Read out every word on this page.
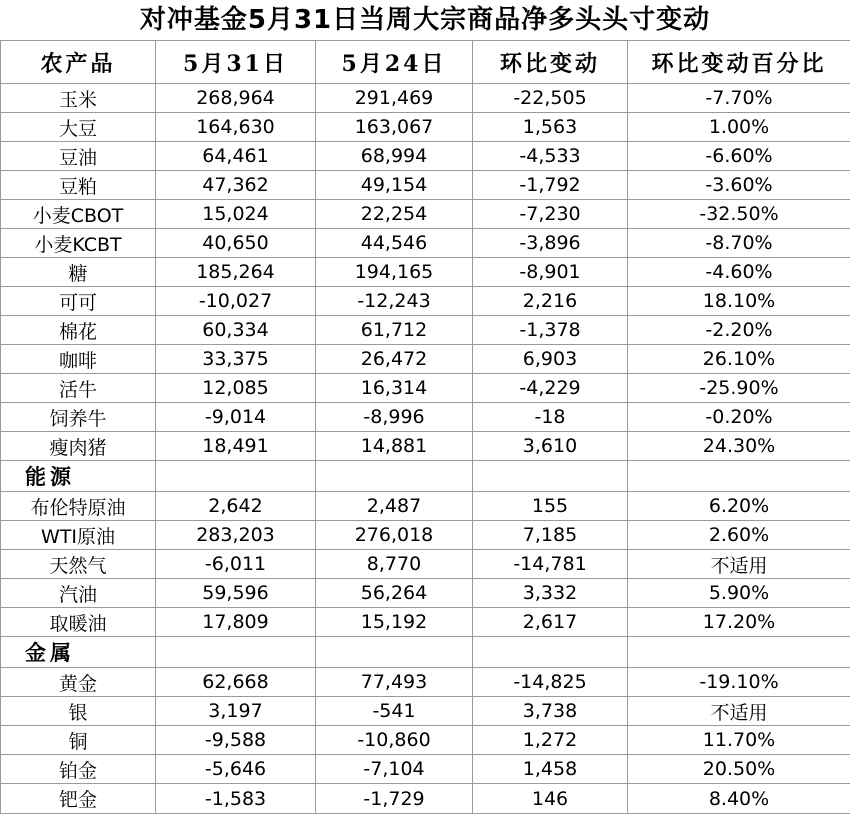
对冲基金5月31日当周大宗商品净多头头寸变动
农产品	5月31日	5月24日	环比变动	环比变动百分比
玉米	268,964	291,469	-22,505	-7.70%
大豆	164,630	163,067	1,563	1.00%
豆油	64,461	68,994	-4,533	-6.60%
豆粕	47,362	49,154	-1,792	-3.60%
小麦CBOT	15,024	22,254	-7,230	-32.50%
小麦KCBT	40,650	44,546	-3,896	-8.70%
糖	185,264	194,165	-8,901	-4.60%
可可	-10,027	-12,243	2,216	18.10%
棉花	60,334	61,712	-1,378	-2.20%
咖啡	33,375	26,472	6,903	26.10%
活牛	12,085	16,314	-4,229	-25.90%
饲养牛	-9,014	-8,996	-18	-0.20%
瘦肉猪	18,491	14,881	3,610	24.30%
能源				
布伦特原油	2,642	2,487	155	6.20%
WTI原油	283,203	276,018	7,185	2.60%
天然气	-6,011	8,770	-14,781	不适用
汽油	59,596	56,264	3,332	5.90%
取暖油	17,809	15,192	2,617	17.20%
金属				
黄金	62,668	77,493	-14,825	-19.10%
银	3,197	-541	3,738	不适用
铜	-9,588	-10,860	1,272	11.70%
铂金	-5,646	-7,104	1,458	20.50%
钯金	-1,583	-1,729	146	8.40%
